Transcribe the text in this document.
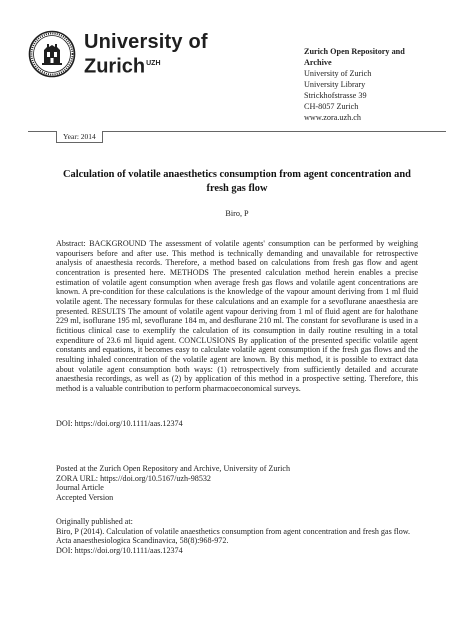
University of
Zurich$^{UZH}$
Zurich Open Repository and
Archive
University of Zurich
University Library
Strickhofstrasse 39
CH-8057 Zurich
www.zora.uzh.ch
Year: 2014
Calculation of volatile anaesthetics consumption from agent concentration and fresh gas flow
Biro, P
Abstract: BACKGROUND The assessment of volatile agents' consumption can be performed by weighing vapourisers before and after use. This method is technically demanding and unavailable for retrospective analysis of anaesthesia records. Therefore, a method based on calculations from fresh gas flow and agent concentration is presented here. METHODS The presented calculation method herein enables a precise estimation of volatile agent consumption when average fresh gas flows and volatile agent concentrations are known. A pre-condition for these calculations is the knowledge of the vapour amount deriving from 1 ml fluid volatile agent. The necessary formulas for these calculations and an example for a sevoflurane anaesthesia are presented. RESULTS The amount of volatile agent vapour deriving from 1 ml of fluid agent are for halothane 229 ml, isoflurane 195 ml, sevoflurane 184 m, and desflurane 210 ml. The constant for sevoflurane is used in a fictitious clinical case to exemplify the calculation of its consumption in daily routine resulting in a total expenditure of 23.6 ml liquid agent. CONCLUSIONS By application of the presented specific volatile agent constants and equations, it becomes easy to calculate volatile agent consumption if the fresh gas flows and the resulting inhaled concentration of the volatile agent are known. By this method, it is possible to extract data about volatile agent consumption both ways: (1) retrospectively from sufficiently detailed and accurate anaesthesia recordings, as well as (2) by application of this method in a prospective setting. Therefore, this method is a valuable contribution to perform pharmacoeconomical surveys.
DOI: https://doi.org/10.1111/aas.12374
Posted at the Zurich Open Repository and Archive, University of Zurich
ZORA URL: https://doi.org/10.5167/uzh-98532
Journal Article
Accepted Version
Originally published at:
Biro, P (2014). Calculation of volatile anaesthetics consumption from agent concentration and fresh gas flow. Acta anaesthesiologica Scandinavica, 58(8):968-972.
DOI: https://doi.org/10.1111/aas.12374
